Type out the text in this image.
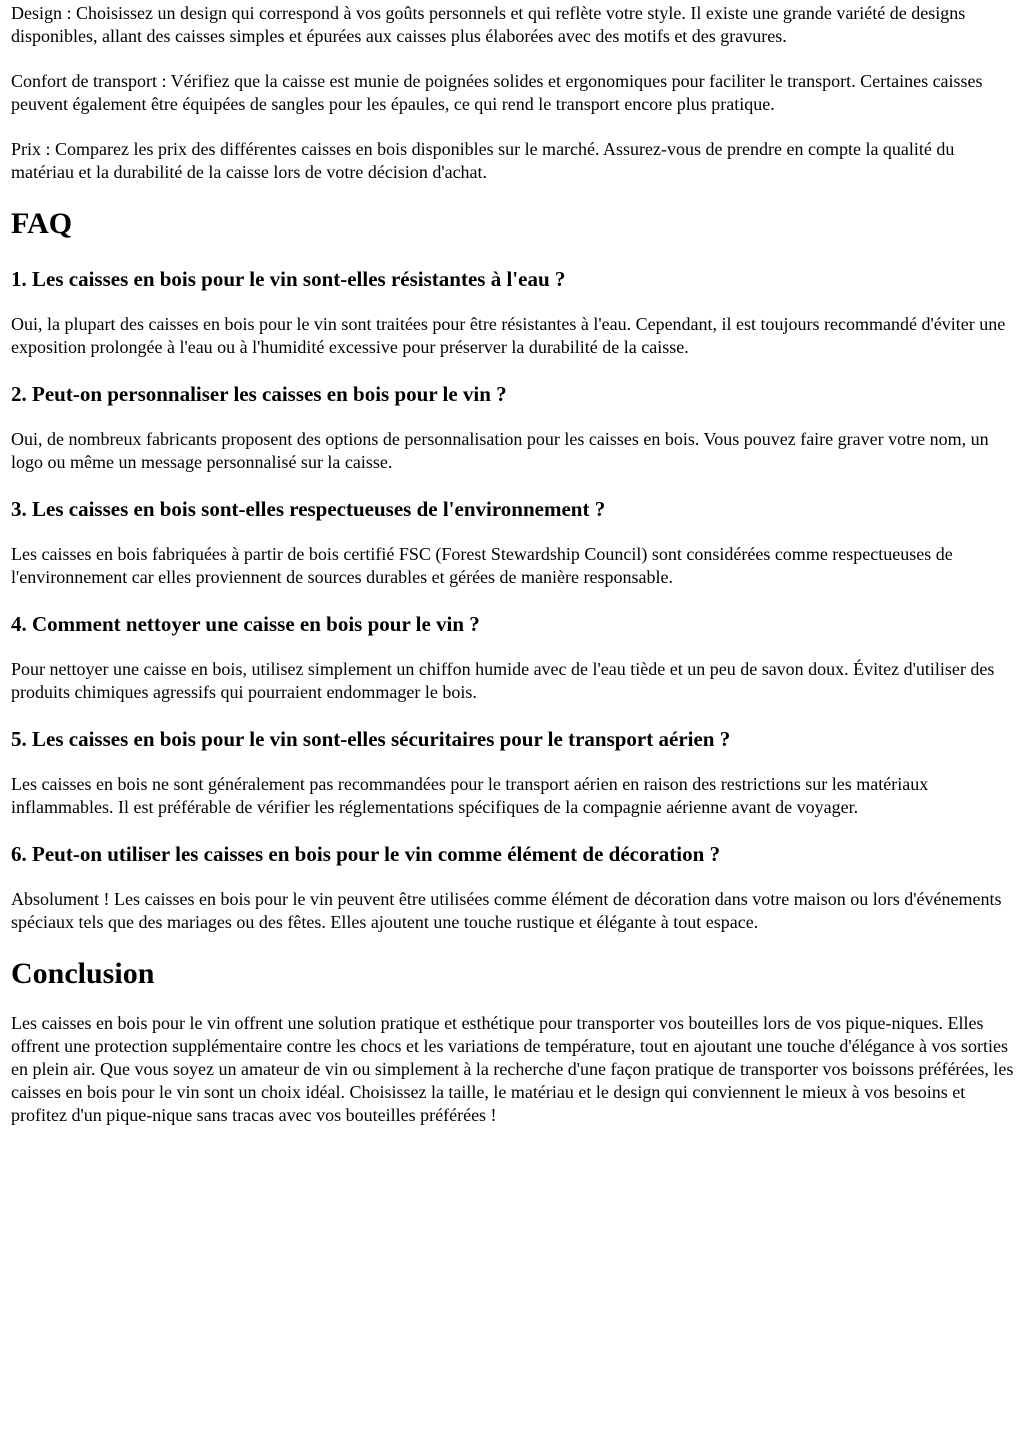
Design : Choisissez un design qui correspond à vos goûts personnels et qui reflète votre style. Il existe une grande variété de designs disponibles, allant des caisses simples et épurées aux caisses plus élaborées avec des motifs et des gravures.

Confort de transport : Vérifiez que la caisse est munie de poignées solides et ergonomiques pour faciliter le transport. Certaines caisses peuvent également être équipées de sangles pour les épaules, ce qui rend le transport encore plus pratique.

Prix : Comparez les prix des différentes caisses en bois disponibles sur le marché. Assurez-vous de prendre en compte la qualité du matériau et la durabilité de la caisse lors de votre décision d'achat.

FAQ
1. Les caisses en bois pour le vin sont-elles résistantes à l'eau ?

Oui, la plupart des caisses en bois pour le vin sont traitées pour être résistantes à l'eau. Cependant, il est toujours recommandé d'éviter une exposition prolongée à l'eau ou à l'humidité excessive pour préserver la durabilité de la caisse.

2. Peut-on personnaliser les caisses en bois pour le vin ?

Oui, de nombreux fabricants proposent des options de personnalisation pour les caisses en bois. Vous pouvez faire graver votre nom, un logo ou même un message personnalisé sur la caisse.

3. Les caisses en bois sont-elles respectueuses de l'environnement ?

Les caisses en bois fabriquées à partir de bois certifié FSC (Forest Stewardship Council) sont considérées comme respectueuses de l'environnement car elles proviennent de sources durables et gérées de manière responsable.

4. Comment nettoyer une caisse en bois pour le vin ?

Pour nettoyer une caisse en bois, utilisez simplement un chiffon humide avec de l'eau tiède et un peu de savon doux. Évitez d'utiliser des produits chimiques agressifs qui pourraient endommager le bois.

5. Les caisses en bois pour le vin sont-elles sécuritaires pour le transport aérien ?

Les caisses en bois ne sont généralement pas recommandées pour le transport aérien en raison des restrictions sur les matériaux inflammables. Il est préférable de vérifier les réglementations spécifiques de la compagnie aérienne avant de voyager.

6. Peut-on utiliser les caisses en bois pour le vin comme élément de décoration ?

Absolument ! Les caisses en bois pour le vin peuvent être utilisées comme élément de décoration dans votre maison ou lors d'événements spéciaux tels que des mariages ou des fêtes. Elles ajoutent une touche rustique et élégante à tout espace.

Conclusion

Les caisses en bois pour le vin offrent une solution pratique et esthétique pour transporter vos bouteilles lors de vos pique-niques. Elles offrent une protection supplémentaire contre les chocs et les variations de température, tout en ajoutant une touche d'élégance à vos sorties en plein air. Que vous soyez un amateur de vin ou simplement à la recherche d'une façon pratique de transporter vos boissons préférées, les caisses en bois pour le vin sont un choix idéal. Choisissez la taille, le matériau et le design qui conviennent le mieux à vos besoins et profitez d'un pique-nique sans tracas avec vos bouteilles préférées !
